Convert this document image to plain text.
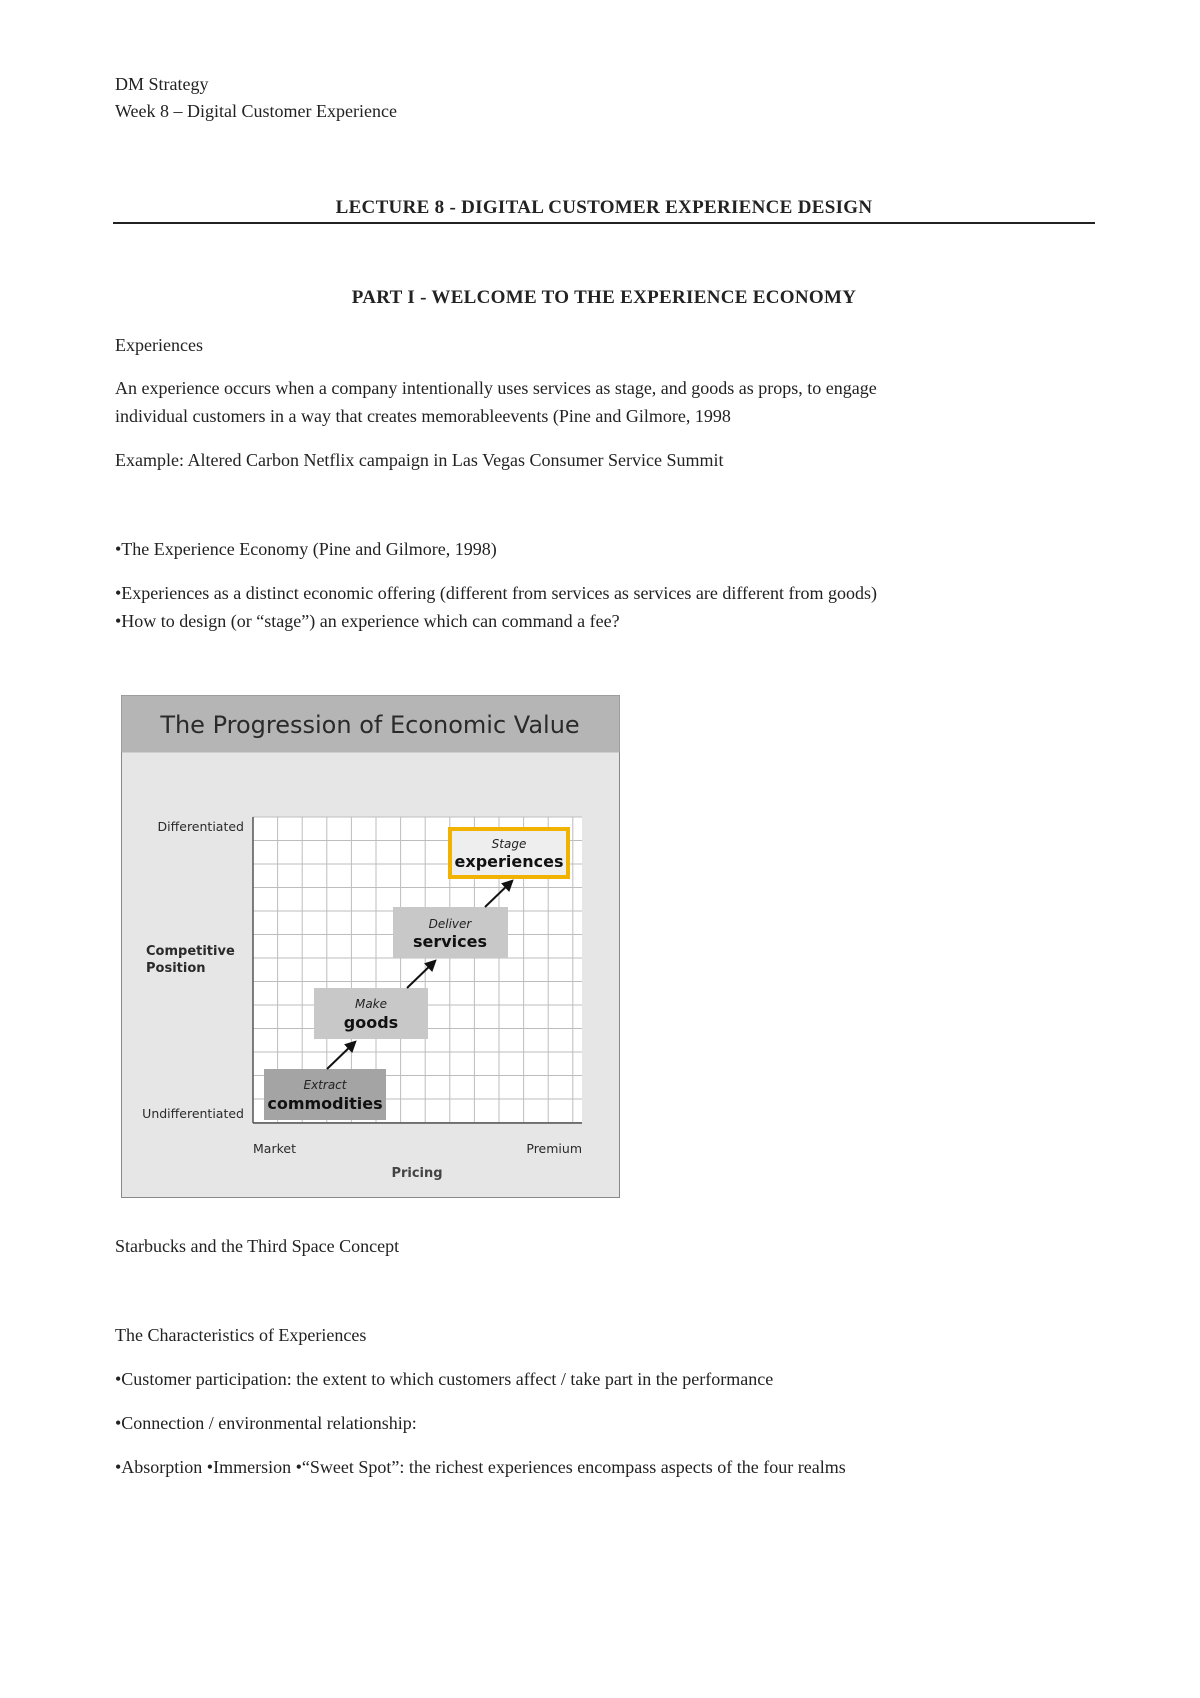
DM Strategy
Week 8 – Digital Customer Experience
LECTURE 8 - DIGITAL CUSTOMER EXPERIENCE DESIGN
PART I - WELCOME TO THE EXPERIENCE ECONOMY
Experiences
An experience occurs when a company intentionally uses services as stage, and goods as props, to engage
individual customers in a way that creates memorableevents (Pine and Gilmore, 1998
Example: Altered Carbon Netflix campaign in Las Vegas Consumer Service Summit
•The Experience Economy (Pine and Gilmore, 1998)
•Experiences as a distinct economic offering (different from services as services are different from goods)
•How to design (or “stage”) an experience which can command a fee?
The Progression of Economic Value
Differentiated
Competitive
Position
Undifferentiated
Market	Premium
Pricing
Extract
commodities
Make
goods
Deliver
services
Stage
experiences
Starbucks and the Third Space Concept
The Characteristics of Experiences
•Customer participation: the extent to which customers affect / take part in the performance
•Connection / environmental relationship:
•Absorption •Immersion •“Sweet Spot”: the richest experiences encompass aspects of the four realms
